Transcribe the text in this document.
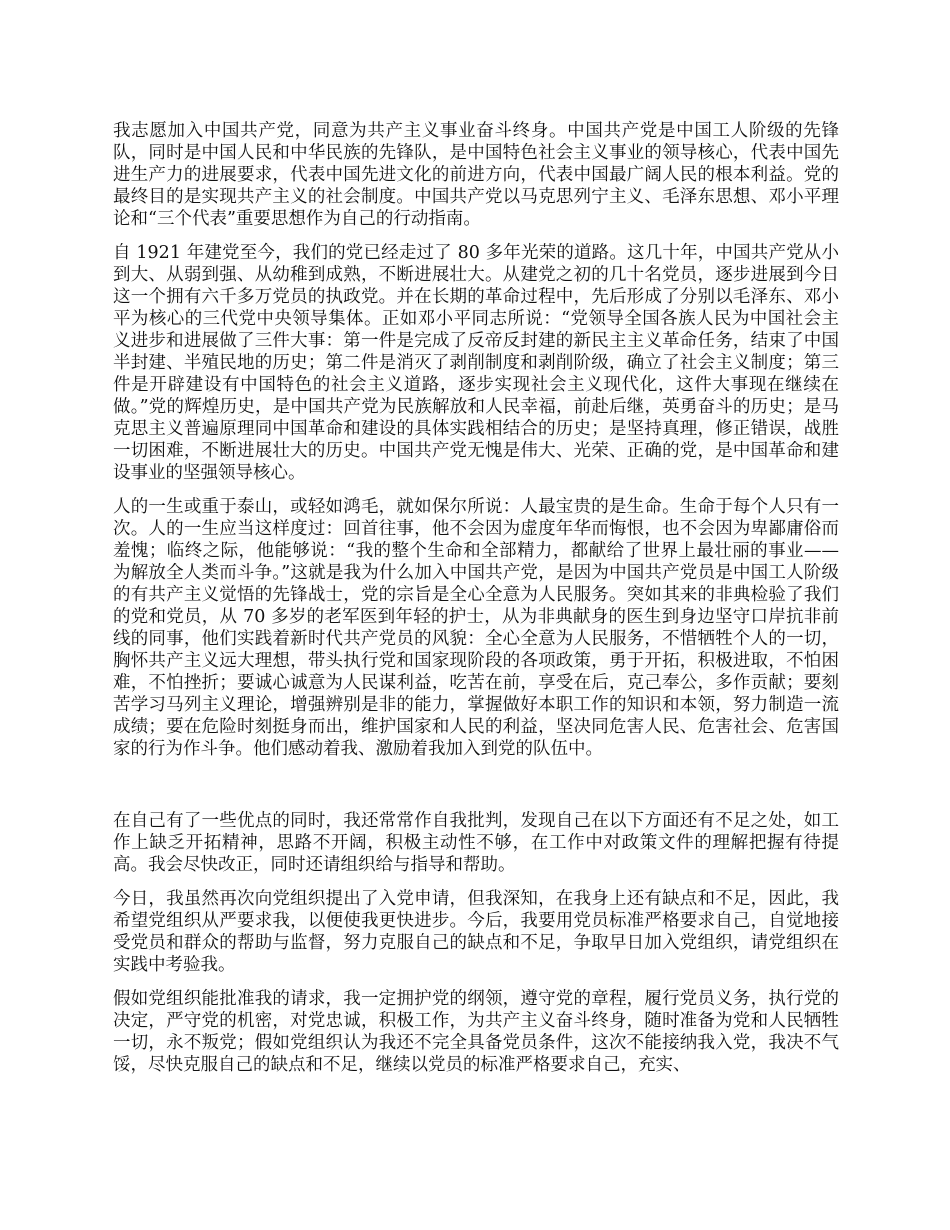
我志愿加入中国共产党，同意为共产主义事业奋斗终身。中国共产党是中国工人阶级的先锋队，同时是中国人民和中华民族的先锋队，是中国特色社会主义事业的领导核心，代表中国先进生产力的进展要求，代表中国先进文化的前进方向，代表中国最广阔人民的根本利益。党的最终目的是实现共产主义的社会制度。中国共产党以马克思列宁主义、毛泽东思想、邓小平理论和“三个代表”重要思想作为自己的行动指南。

自 1921 年建党至今，我们的党已经走过了 80 多年光荣的道路。这几十年，中国共产党从小到大、从弱到强、从幼稚到成熟，不断进展壮大。从建党之初的几十名党员，逐步进展到今日这一个拥有六千多万党员的执政党。并在长期的革命过程中，先后形成了分别以毛泽东、邓小平为核心的三代党中央领导集体。正如邓小平同志所说：“党领导全国各族人民为中国社会主义进步和进展做了三件大事：第一件是完成了反帝反封建的新民主主义革命任务，结束了中国半封建、半殖民地的历史；第二件是消灭了剥削制度和剥削阶级，确立了社会主义制度；第三件是开辟建设有中国特色的社会主义道路，逐步实现社会主义现代化，这件大事现在继续在做。”党的辉煌历史，是中国共产党为民族解放和人民幸福，前赴后继，英勇奋斗的历史；是马克思主义普遍原理同中国革命和建设的具体实践相结合的历史；是坚持真理，修正错误，战胜一切困难，不断进展壮大的历史。中国共产党无愧是伟大、光荣、正确的党，是中国革命和建设事业的坚强领导核心。

人的一生或重于泰山，或轻如鸿毛，就如保尔所说：人最宝贵的是生命。生命于每个人只有一次。人的一生应当这样度过：回首往事，他不会因为虚度年华而悔恨，也不会因为卑鄙庸俗而羞愧；临终之际，他能够说：“我的整个生命和全部精力，都献给了世界上最壮丽的事业——为解放全人类而斗争。”这就是我为什么加入中国共产党，是因为中国共产党员是中国工人阶级的有共产主义觉悟的先锋战士，党的宗旨是全心全意为人民服务。突如其来的非典检验了我们的党和党员，从 70 多岁的老军医到年轻的护士，从为非典献身的医生到身边坚守口岸抗非前线的同事，他们实践着新时代共产党员的风貌：全心全意为人民服务，不惜牺牲个人的一切，胸怀共产主义远大理想，带头执行党和国家现阶段的各项政策，勇于开拓，积极进取，不怕困难，不怕挫折；要诚心诚意为人民谋利益，吃苦在前，享受在后，克己奉公，多作贡献；要刻苦学习马列主义理论，增强辨别是非的能力，掌握做好本职工作的知识和本领，努力制造一流成绩；要在危险时刻挺身而出，维护国家和人民的利益，坚决同危害人民、危害社会、危害国家的行为作斗争。他们感动着我、激励着我加入到党的队伍中。

在自己有了一些优点的同时，我还常常作自我批判，发现自己在以下方面还有不足之处，如工作上缺乏开拓精神，思路不开阔，积极主动性不够，在工作中对政策文件的理解把握有待提高。我会尽快改正，同时还请组织给与指导和帮助。

今日，我虽然再次向党组织提出了入党申请，但我深知，在我身上还有缺点和不足，因此，我希望党组织从严要求我，以便使我更快进步。今后，我要用党员标准严格要求自己，自觉地接受党员和群众的帮助与监督，努力克服自己的缺点和不足，争取早日加入党组织，请党组织在实践中考验我。

假如党组织能批准我的请求，我一定拥护党的纲领，遵守党的章程，履行党员义务，执行党的决定，严守党的机密，对党忠诚，积极工作，为共产主义奋斗终身，随时准备为党和人民牺牲一切，永不叛党；假如党组织认为我还不完全具备党员条件，这次不能接纳我入党，我决不气馁，尽快克服自己的缺点和不足，继续以党员的标准严格要求自己，充实、
